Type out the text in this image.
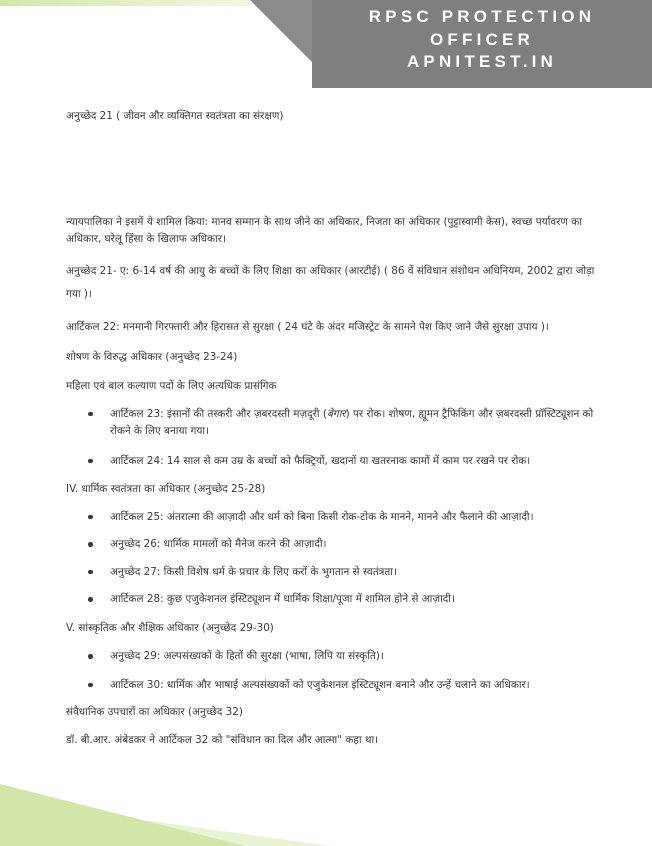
RPSC PROTECTION
OFFICER
APNITEST.IN

अनुच्छेद 21 ( जीवन और व्यक्तिगत स्वतंत्रता का संरक्षण)

न्यायपालिका ने इसमें ये शामिल किया: मानव सम्मान के साथ जीने का अधिकार, निजता का अधिकार (पुट्टास्वामी केस), स्वच्छ पर्यावरण का अधिकार, घरेलू हिंसा के खिलाफ अधिकार।

अनुच्छेद 21- ए: 6-14 वर्ष की आयु के बच्चों के लिए शिक्षा का अधिकार (आरटीई) ( 86 वें संविधान संशोधन अधिनियम, 2002 द्वारा जोड़ा गया )।

आर्टिकल 22: मनमानी गिरफ्तारी और हिरासत से सुरक्षा ( 24 घंटे के अंदर मजिस्ट्रेट के सामने पेश किए जाने जैसे सुरक्षा उपाय )।

शोषण के विरुद्ध अधिकार (अनुच्छेद 23-24)

महिला एवं बाल कल्याण पदों के लिए अत्यधिक प्रासंगिक

आर्टिकल 23: इंसानों की तस्करी और ज़बरदस्ती मज़दूरी (बेगार) पर रोक। शोषण, ह्यूमन ट्रैफिकिंग और ज़बरदस्ती प्रॉस्टिट्यूशन को रोकने के लिए बनाया गया।

आर्टिकल 24: 14 साल से कम उम्र के बच्चों को फैक्ट्रियों, खदानों या खतरनाक कामों में काम पर रखने पर रोक।

IV. धार्मिक स्वतंत्रता का अधिकार (अनुच्छेद 25-28)

आर्टिकल 25: अंतरात्मा की आज़ादी और धर्म को बिना किसी रोक-टोक के मानने, मानने और फैलाने की आज़ादी।

अनुच्छेद 26: धार्मिक मामलों को मैनेज करने की आज़ादी।

अनुच्छेद 27: किसी विशेष धर्म के प्रचार के लिए करों के भुगतान से स्वतंत्रता।

आर्टिकल 28: कुछ एजुकेशनल इंस्टिट्यूशन में धार्मिक शिक्षा/पूजा में शामिल होने से आज़ादी।

V. सांस्कृतिक और शैक्षिक अधिकार (अनुच्छेद 29-30)

अनुच्छेद 29: अल्पसंख्यकों के हितों की सुरक्षा (भाषा, लिपि या संस्कृति)।

आर्टिकल 30: धार्मिक और भाषाई अल्पसंख्यकों को एजुकेशनल इंस्टिट्यूशन बनाने और उन्हें चलाने का अधिकार।

संवैधानिक उपचारों का अधिकार (अनुच्छेद 32)

डॉ. बी.आर. अंबेडकर ने आर्टिकल 32 को "संविधान का दिल और आत्मा" कहा था।
